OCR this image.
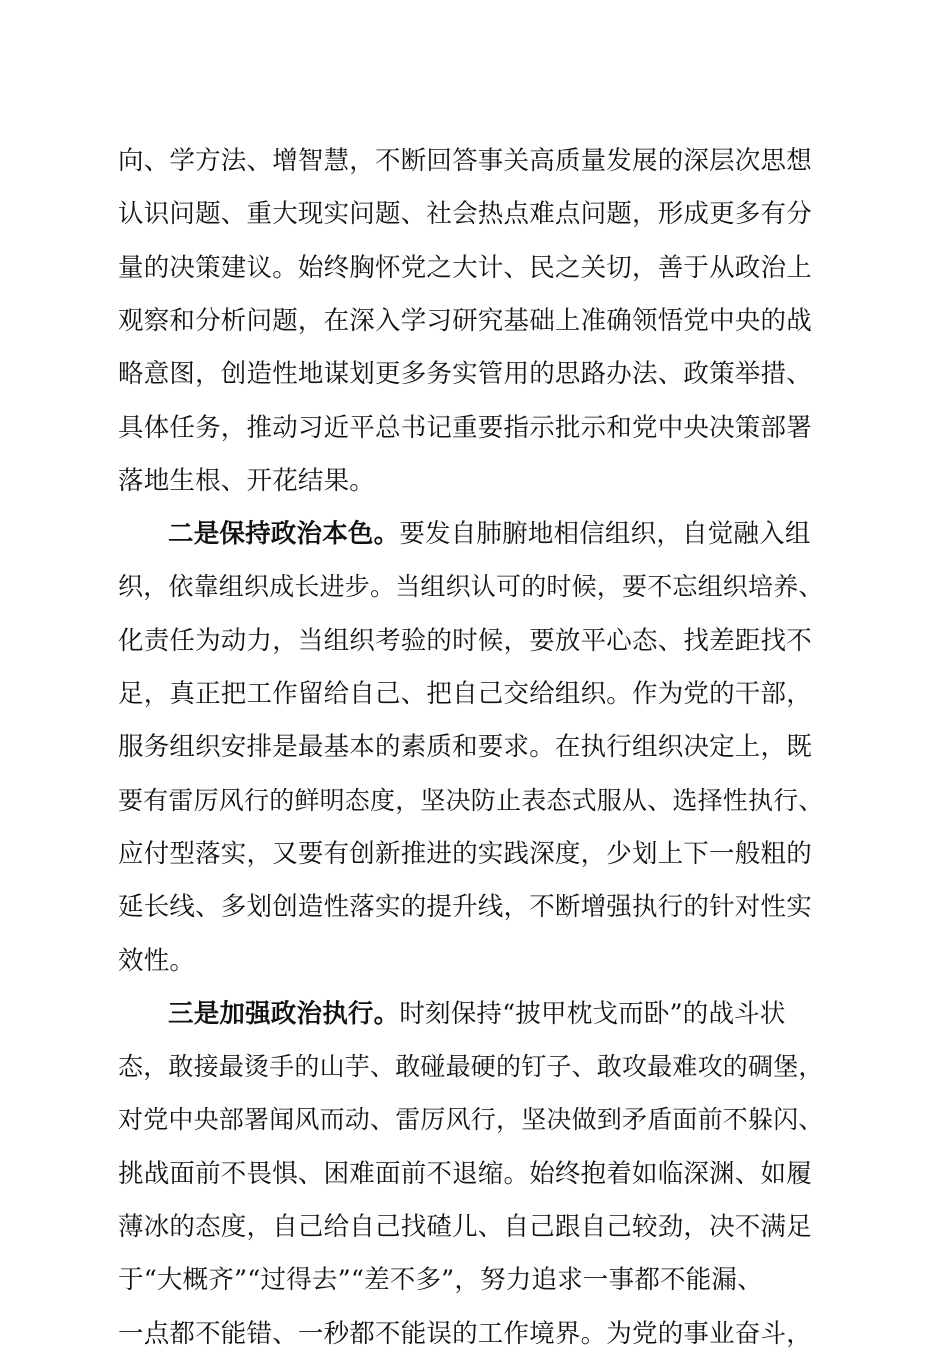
向、学方法、增智慧，不断回答事关高质量发展的深层次思想
认识问题、重大现实问题、社会热点难点问题，形成更多有分
量的决策建议。始终胸怀党之大计、民之关切，善于从政治上
观察和分析问题，在深入学习研究基础上准确领悟党中央的战
略意图，创造性地谋划更多务实管用的思路办法、政策举措、
具体任务，推动习近平总书记重要指示批示和党中央决策部署
落地生根、开花结果。
二是保持政治本色。要发自肺腑地相信组织，自觉融入组
织，依靠组织成长进步。当组织认可的时候，要不忘组织培养、
化责任为动力，当组织考验的时候，要放平心态、找差距找不
足，真正把工作留给自己、把自己交给组织。作为党的干部，
服务组织安排是最基本的素质和要求。在执行组织决定上，既
要有雷厉风行的鲜明态度，坚决防止表态式服从、选择性执行、
应付型落实，又要有创新推进的实践深度，少划上下一般粗的
延长线、多划创造性落实的提升线，不断增强执行的针对性实
效性。
三是加强政治执行。时刻保持“披甲枕戈而卧”的战斗状
态，敢接最烫手的山芋、敢碰最硬的钉子、敢攻最难攻的碉堡，
对党中央部署闻风而动、雷厉风行，坚决做到矛盾面前不躲闪、
挑战面前不畏惧、困难面前不退缩。始终抱着如临深渊、如履
薄冰的态度，自己给自己找碴儿、自己跟自己较劲，决不满足
于“大概齐”“过得去”“差不多”，努力追求一事都不能漏、
一点都不能错、一秒都不能误的工作境界。为党的事业奋斗，
